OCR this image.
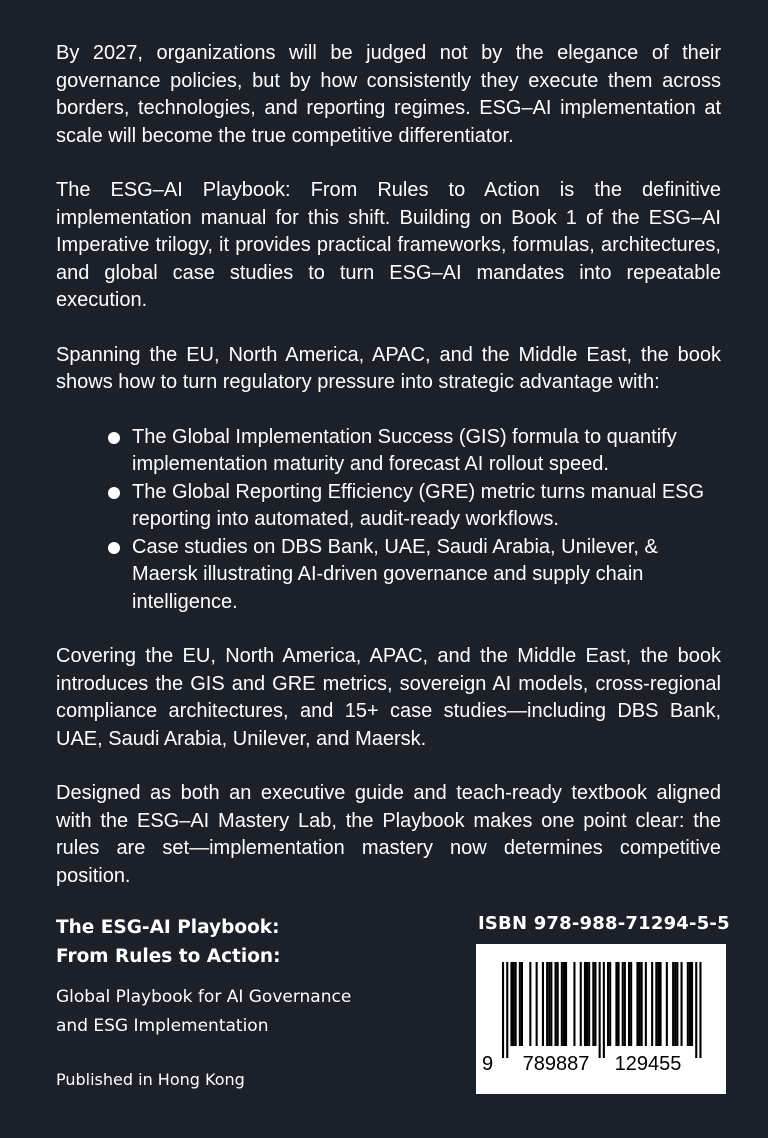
By 2027, organizations will be judged not by the elegance of their governance policies, but by how consistently they execute them across borders, technologies, and reporting regimes. ESG–AI implementation at scale will become the true competitive differentiator.

The ESG–AI Playbook: From Rules to Action is the definitive implementation manual for this shift. Building on Book 1 of the ESG–AI Imperative trilogy, it provides practical frameworks, formulas, architectures, and global case studies to turn ESG–AI mandates into repeatable execution.

Spanning the EU, North America, APAC, and the Middle East, the book shows how to turn regulatory pressure into strategic advantage with:

The Global Implementation Success (GIS) formula to quantify implementation maturity and forecast AI rollout speed.
The Global Reporting Efficiency (GRE) metric turns manual ESG reporting into automated, audit-ready workflows.
Case studies on DBS Bank, UAE, Saudi Arabia, Unilever, & Maersk illustrating AI-driven governance and supply chain intelligence.

Covering the EU, North America, APAC, and the Middle East, the book introduces the GIS and GRE metrics, sovereign AI models, cross-regional compliance architectures, and 15+ case studies—including DBS Bank, UAE, Saudi Arabia, Unilever, and Maersk.

Designed as both an executive guide and teach-ready textbook aligned with the ESG–AI Mastery Lab, the Playbook makes one point clear: the rules are set—implementation mastery now determines competitive position.

The ESG-AI Playbook:
From Rules to Action:
Global Playbook for AI Governance
and ESG Implementation
Published in Hong Kong
ISBN 978-988-71294-5-5
9 789887 129455
